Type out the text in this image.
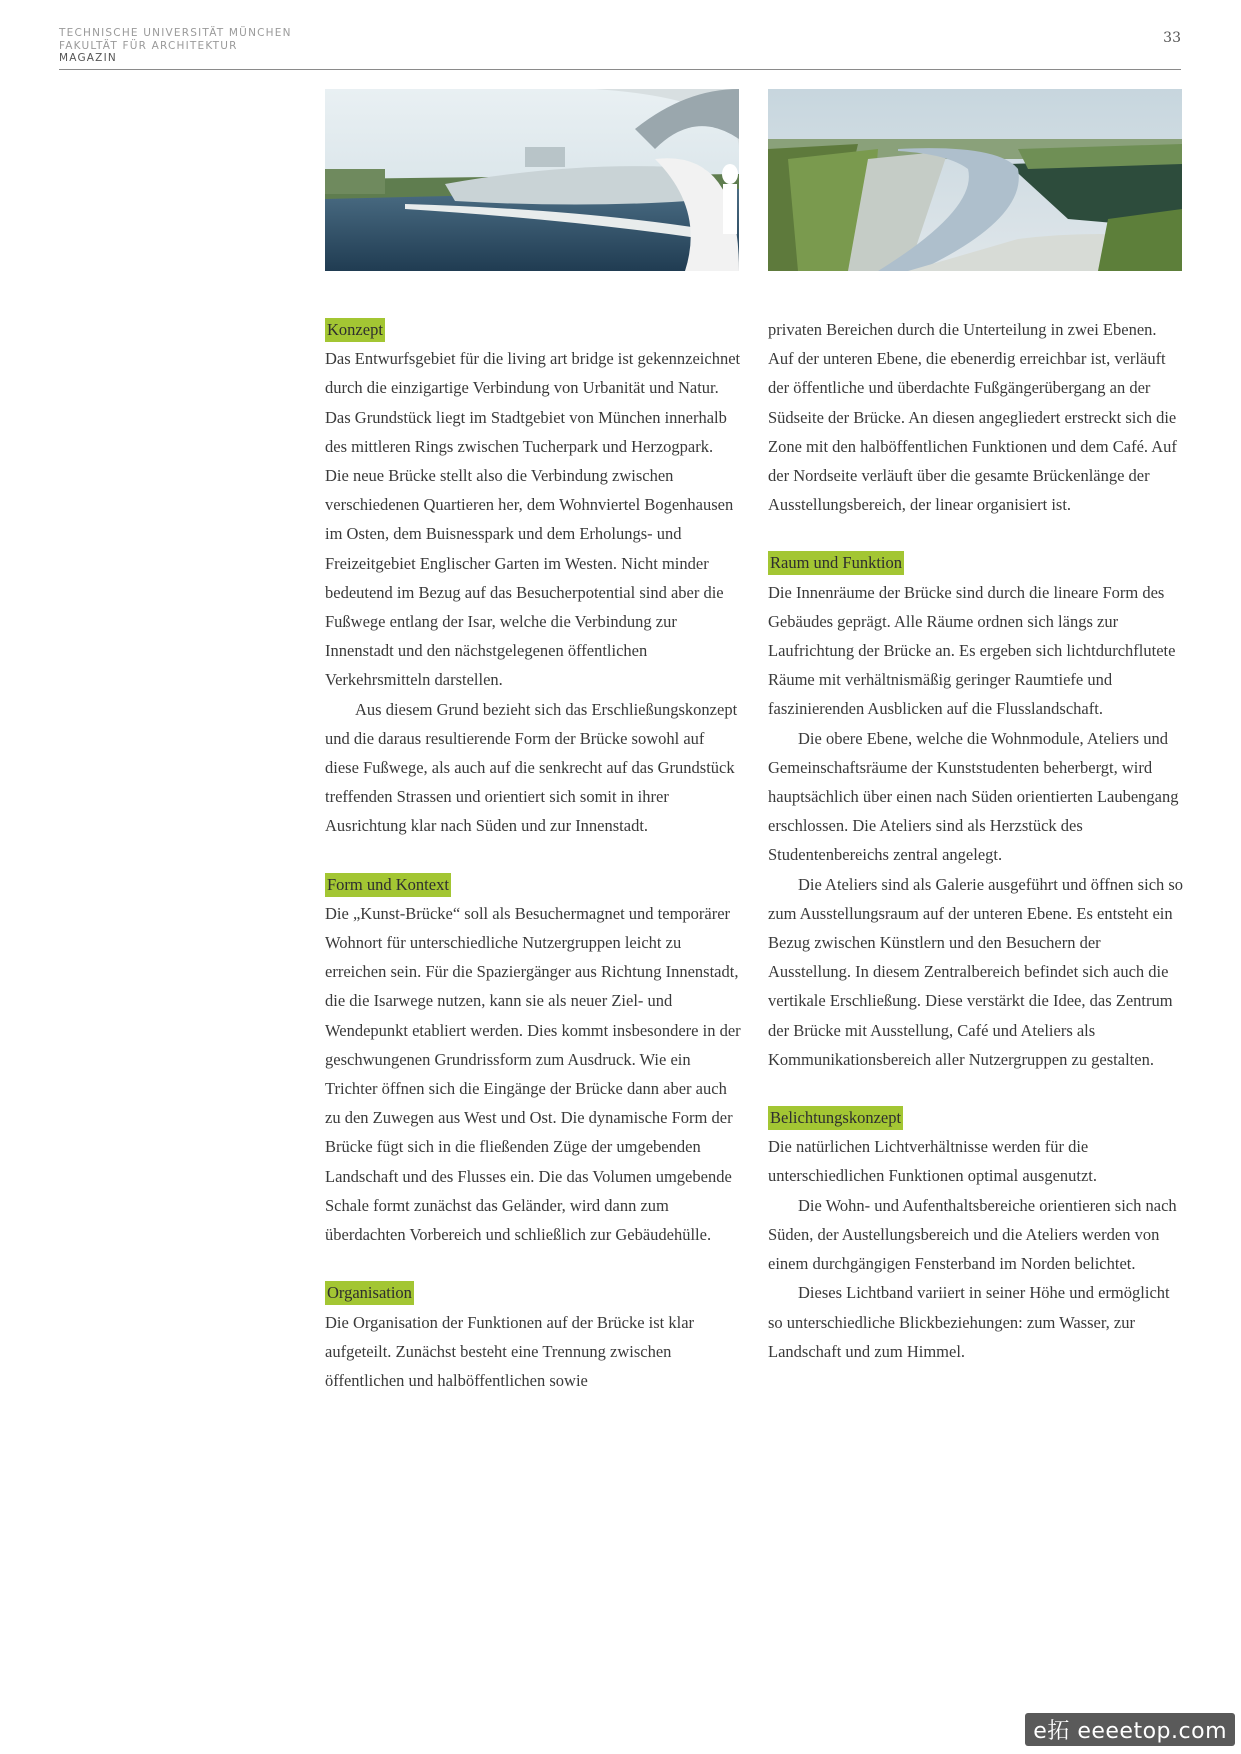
TECHNISCHE UNIVERSITÄT MÜNCHEN
FAKULTÄT FÜR ARCHITEKTUR
MAGAZIN
33
Konzept

Das Entwurfsgebiet für die living art bridge ist gekennzeichnet durch die einzigartige Verbindung von Urbanität und Natur. Das Grundstück liegt im Stadtgebiet von München innerhalb des mittleren Rings zwischen Tucherpark und Herzogpark. Die neue Brücke stellt also die Verbindung zwischen verschiedenen Quartieren her, dem Wohnviertel Bogenhausen im Osten, dem Buisnesspark und dem Erholungs- und Freizeitgebiet Englischer Garten im Westen. Nicht minder bedeutend im Bezug auf das Besucherpotential sind aber die Fußwege entlang der Isar, welche die Verbindung zur Innenstadt und den nächstgelegenen öffentlichen Verkehrsmitteln darstellen.

Aus diesem Grund bezieht sich das Erschließungskonzept und die daraus resultierende Form der Brücke sowohl auf diese Fußwege, als auch auf die senkrecht auf das Grundstück treffenden Strassen und orientiert sich somit in ihrer Ausrichtung klar nach Süden und zur Innenstadt.

Form und Kontext

Die „Kunst-Brücke“ soll als Besuchermagnet und temporärer Wohnort für unterschiedliche Nutzergruppen leicht zu erreichen sein. Für die Spaziergänger aus Richtung Innenstadt, die die Isarwege nutzen, kann sie als neuer Ziel- und Wendepunkt etabliert werden. Dies kommt insbesondere in der geschwungenen Grundrissform zum Ausdruck. Wie ein Trichter öffnen sich die Eingänge der Brücke dann aber auch zu den Zuwegen aus West und Ost. Die dynamische Form der Brücke fügt sich in die fließenden Züge der umgebenden Landschaft und des Flusses ein. Die das Volumen umgebende Schale formt zunächst das Geländer, wird dann zum überdachten Vorbereich und schließlich zur Gebäudehülle.

Organisation

Die Organisation der Funktionen auf der Brücke ist klar aufgeteilt. Zunächst besteht eine Trennung zwischen öffentlichen und halböffentlichen sowie

privaten Bereichen durch die Unterteilung in zwei Ebenen. Auf der unteren Ebene, die ebenerdig erreichbar ist, verläuft der öffentliche und überdachte Fußgängerübergang an der Südseite der Brücke. An diesen angegliedert erstreckt sich die Zone mit den halböffentlichen Funktionen und dem Café. Auf der Nordseite verläuft über die gesamte Brückenlänge der Ausstellungsbereich, der linear organisiert ist.

Raum und Funktion

Die Innenräume der Brücke sind durch die lineare Form des Gebäudes geprägt. Alle Räume ordnen sich längs zur Laufrichtung der Brücke an. Es ergeben sich lichtdurchflutete Räume mit verhältnismäßig geringer Raumtiefe und faszinierenden Ausblicken auf die Flusslandschaft.

Die obere Ebene, welche die Wohnmodule, Ateliers und Gemeinschaftsräume der Kunststudenten beherbergt, wird hauptsächlich über einen nach Süden orientierten Laubengang erschlossen. Die Ateliers sind als Herzstück des Studentenbereichs zentral angelegt.

Die Ateliers sind als Galerie ausgeführt und öffnen sich so zum Ausstellungsraum auf der unteren Ebene. Es entsteht ein Bezug zwischen Künstlern und den Besuchern der Ausstellung. In diesem Zentralbereich befindet sich auch die vertikale Erschließung. Diese verstärkt die Idee, das Zentrum der Brücke mit Ausstellung, Café und Ateliers als Kommunikationsbereich aller Nutzergruppen zu gestalten.

Belichtungskonzept

Die natürlichen Lichtverhältnisse werden für die unterschiedlichen Funktionen optimal ausgenutzt.

Die Wohn- und Aufenthaltsbereiche orientieren sich nach Süden, der Austellungsbereich und die Ateliers werden von einem durchgängigen Fensterband im Norden belichtet.

Dieses Lichtband variiert in seiner Höhe und ermöglicht so unterschiedliche Blickbeziehungen: zum Wasser, zur Landschaft und zum Himmel.

e拓 eeeetop.com
